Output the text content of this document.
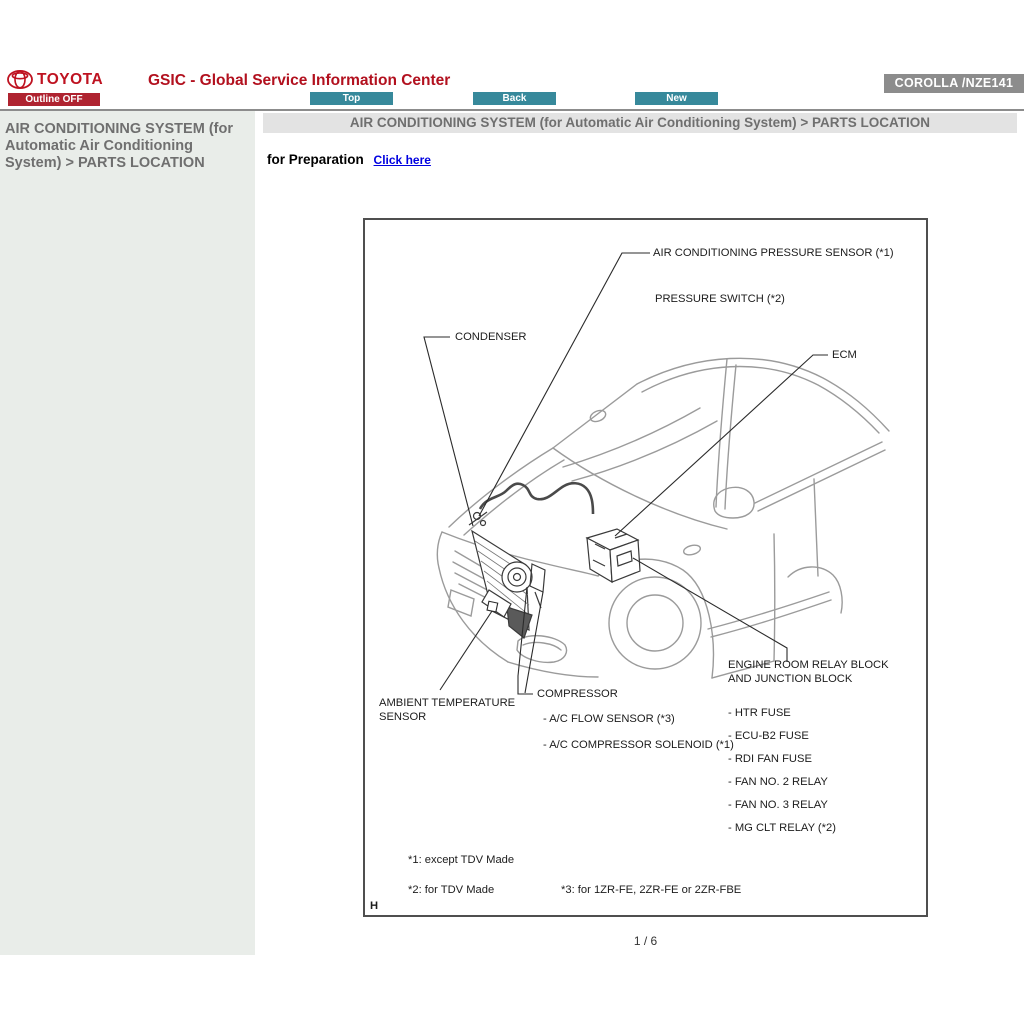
TOYOTA	GSIC - Global Service Information Center	COROLLA /NZE141
Outline OFF	Top	Back	New
AIR CONDITIONING SYSTEM (for Automatic Air Conditioning System) > PARTS LOCATION
AIR CONDITIONING SYSTEM (for Automatic Air Conditioning System) > PARTS LOCATION
for Preparation Click here
AIR CONDITIONING PRESSURE SENSOR (*1)
PRESSURE SWITCH (*2)
CONDENSER
ECM
ENGINE ROOM RELAY BLOCK AND JUNCTION BLOCK
- HTR FUSE
- ECU-B2 FUSE
- RDI FAN FUSE
- FAN NO. 2 RELAY
- FAN NO. 3 RELAY
- MG CLT RELAY (*2)
AMBIENT TEMPERATURE SENSOR
COMPRESSOR
- A/C FLOW SENSOR (*3)
- A/C COMPRESSOR SOLENOID (*1)
*1: except TDV Made
*2: for TDV Made	*3: for 1ZR-FE, 2ZR-FE or 2ZR-FBE
H
1 / 6
